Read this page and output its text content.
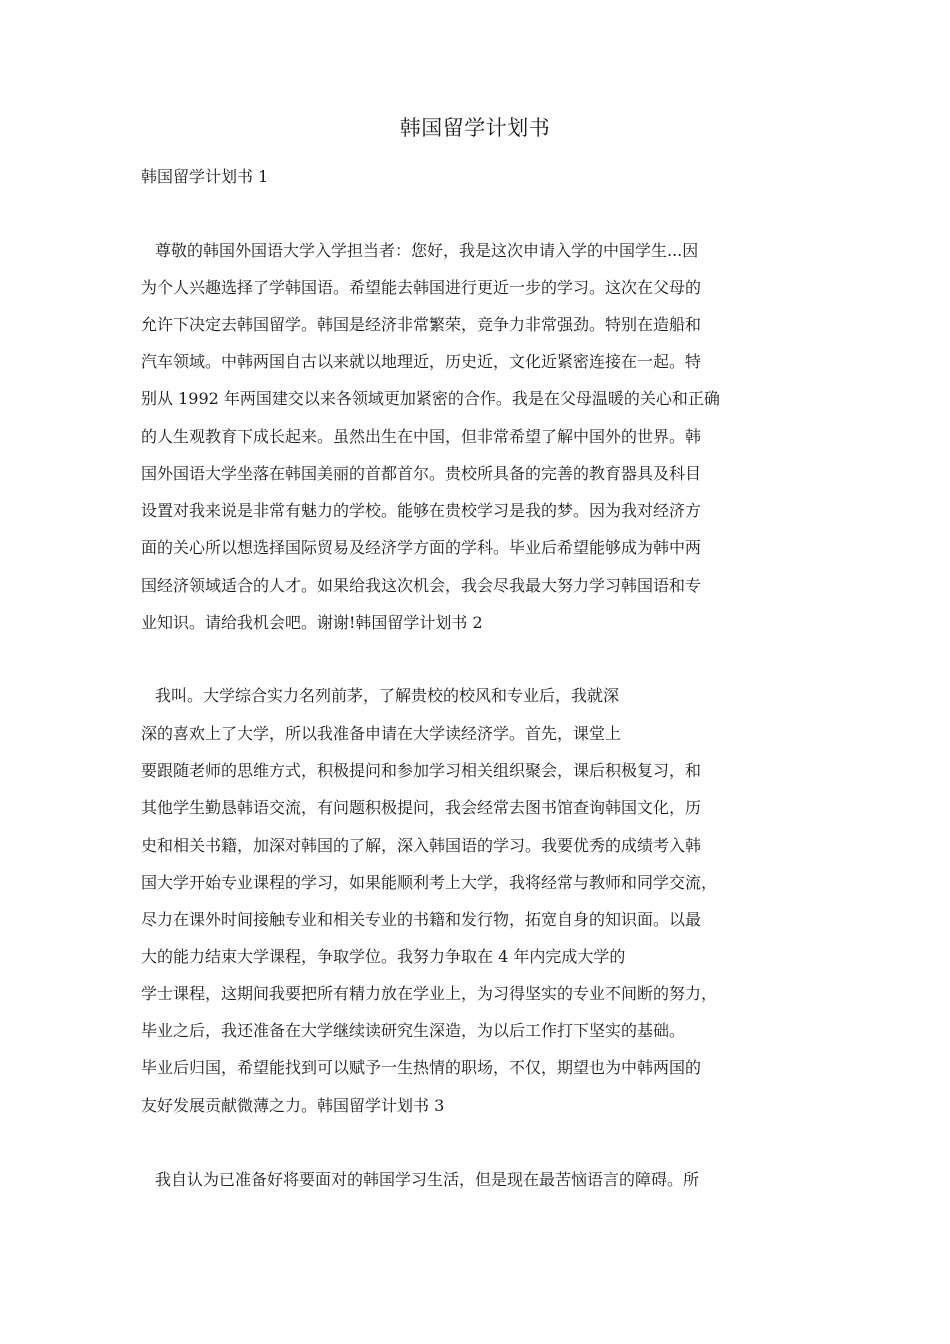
韩国留学计划书
韩国留学计划书 1
尊敬的韩国外国语大学入学担当者：您好，我是这次申请入学的中国学生...因
为个人兴趣选择了学韩国语。希望能去韩国进行更近一步的学习。这次在父母的
允许下决定去韩国留学。韩国是经济非常繁荣，竞争力非常强劲。特别在造船和
汽车领域。中韩两国自古以来就以地理近，历史近，文化近紧密连接在一起。特
别从 1992 年两国建交以来各领域更加紧密的合作。我是在父母温暖的关心和正确
的人生观教育下成长起来。虽然出生在中国，但非常希望了解中国外的世界。韩
国外国语大学坐落在韩国美丽的首都首尔。贵校所具备的完善的教育器具及科目
设置对我来说是非常有魅力的学校。能够在贵校学习是我的梦。因为我对经济方
面的关心所以想选择国际贸易及经济学方面的学科。毕业后希望能够成为韩中两
国经济领域适合的人才。如果给我这次机会，我会尽我最大努力学习韩国语和专
业知识。请给我机会吧。谢谢!韩国留学计划书 2
我叫。大学综合实力名列前茅，了解贵校的校风和专业后，我就深
深的喜欢上了大学，所以我准备申请在大学读经济学。首先，课堂上
要跟随老师的思维方式，积极提问和参加学习相关组织聚会，课后积极复习，和
其他学生勤恳韩语交流，有问题积极提问，我会经常去图书馆查询韩国文化，历
史和相关书籍，加深对韩国的了解，深入韩国语的学习。我要优秀的成绩考入韩
国大学开始专业课程的学习，如果能顺利考上大学，我将经常与教师和同学交流，
尽力在课外时间接触专业和相关专业的书籍和发行物，拓宽自身的知识面。以最
大的能力结束大学课程，争取学位。我努力争取在 4 年内完成大学的
学士课程，这期间我要把所有精力放在学业上，为习得坚实的专业不间断的努力，
毕业之后，我还准备在大学继续读研究生深造，为以后工作打下坚实的基础。
毕业后归国，希望能找到可以赋予一生热情的职场，不仅，期望也为中韩两国的
友好发展贡献微薄之力。韩国留学计划书 3
我自认为已准备好将要面对的韩国学习生活，但是现在最苦恼语言的障碍。所
